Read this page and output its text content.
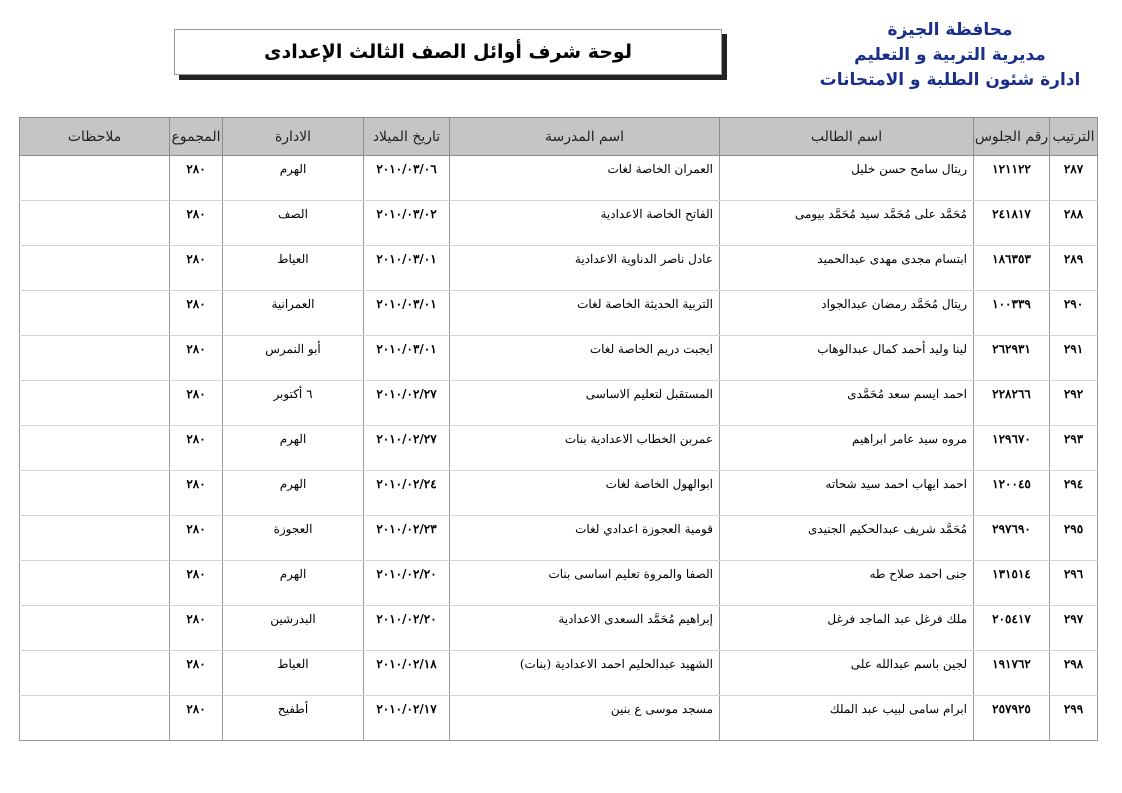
محافظة الجيزة
مديرية التربية و التعليم
ادارة شئون الطلبة و الامتحانات
لوحة شرف أوائل الصف الثالث الإعدادى
الترتيب	رقم الجلوس	اسم الطالب	اسم المدرسة	تاريخ الميلاد	الادارة	المجموع	ملاحظات
٢٨٧	١٢١١٢٢	ريتال سامح حسن خليل	العمران الخاصة لغات	٢٠١٠/٠٣/٠٦	الهرم	٢٨٠	
٢٨٨	٢٤١٨١٧	مُحَمَّد على مُحَمَّد سيد مُحَمَّد بيومى	الفاتح الخاصة الاعدادية	٢٠١٠/٠٣/٠٢	الصف	٢٨٠	
٢٨٩	١٨٦٣٥٣	ابتسام مجدى مهدى عبدالحميد	عادل ناصر الدناوية الاعدادية	٢٠١٠/٠٣/٠١	العياط	٢٨٠	
٢٩٠	١٠٠٣٣٩	ريتال مُحَمَّد رمضان عبدالجواد	التربية الحديثة الخاصة لغات	٢٠١٠/٠٣/٠١	العمرانية	٢٨٠	
٢٩١	٢٦٢٩٣١	لينا وليد أحمد كمال عبدالوهاب	ايجبت دريم الخاصة لغات	٢٠١٠/٠٣/٠١	أبو النمرس	٢٨٠	
٢٩٢	٢٢٨٢٦٦	احمد ايسم سعد مُحَمَّدى	المستقبل لتعليم الاساسى	٢٠١٠/٠٢/٢٧	٦ أكتوبر	٢٨٠	
٢٩٣	١٢٩٦٧٠	مروه سيد عامر ابراهيم	عمربن الخطاب الاعدادية بنات	٢٠١٠/٠٢/٢٧	الهرم	٢٨٠	
٢٩٤	١٢٠٠٤٥	احمد ايهاب احمد سيد شحاته	ابوالهول الخاصة لغات	٢٠١٠/٠٢/٢٤	الهرم	٢٨٠	
٢٩٥	٢٩٧٦٩٠	مُحَمَّد شريف عبدالحكيم الجنيدى	قومية العجوزة اعدادي لغات	٢٠١٠/٠٢/٢٣	العجوزة	٢٨٠	
٢٩٦	١٣١٥١٤	جنى احمد صلاح طه	الصفا والمروة تعليم اساسى بنات	٢٠١٠/٠٢/٢٠	الهرم	٢٨٠	
٢٩٧	٢٠٥٤١٧	ملك فرغل عبد الماجد فرغل	إبراهيم مُحَمَّد السعدى الاعدادية	٢٠١٠/٠٢/٢٠	البدرشين	٢٨٠	
٢٩٨	١٩١٧٦٢	لجين باسم عبدالله على	الشهيد عبدالحليم احمد الاعدادية (بنات)	٢٠١٠/٠٢/١٨	العياط	٢٨٠	
٢٩٩	٢٥٧٩٢٥	ابرام سامى لبيب عبد الملك	مسجد موسى ع بنين	٢٠١٠/٠٢/١٧	أطفيح	٢٨٠	
